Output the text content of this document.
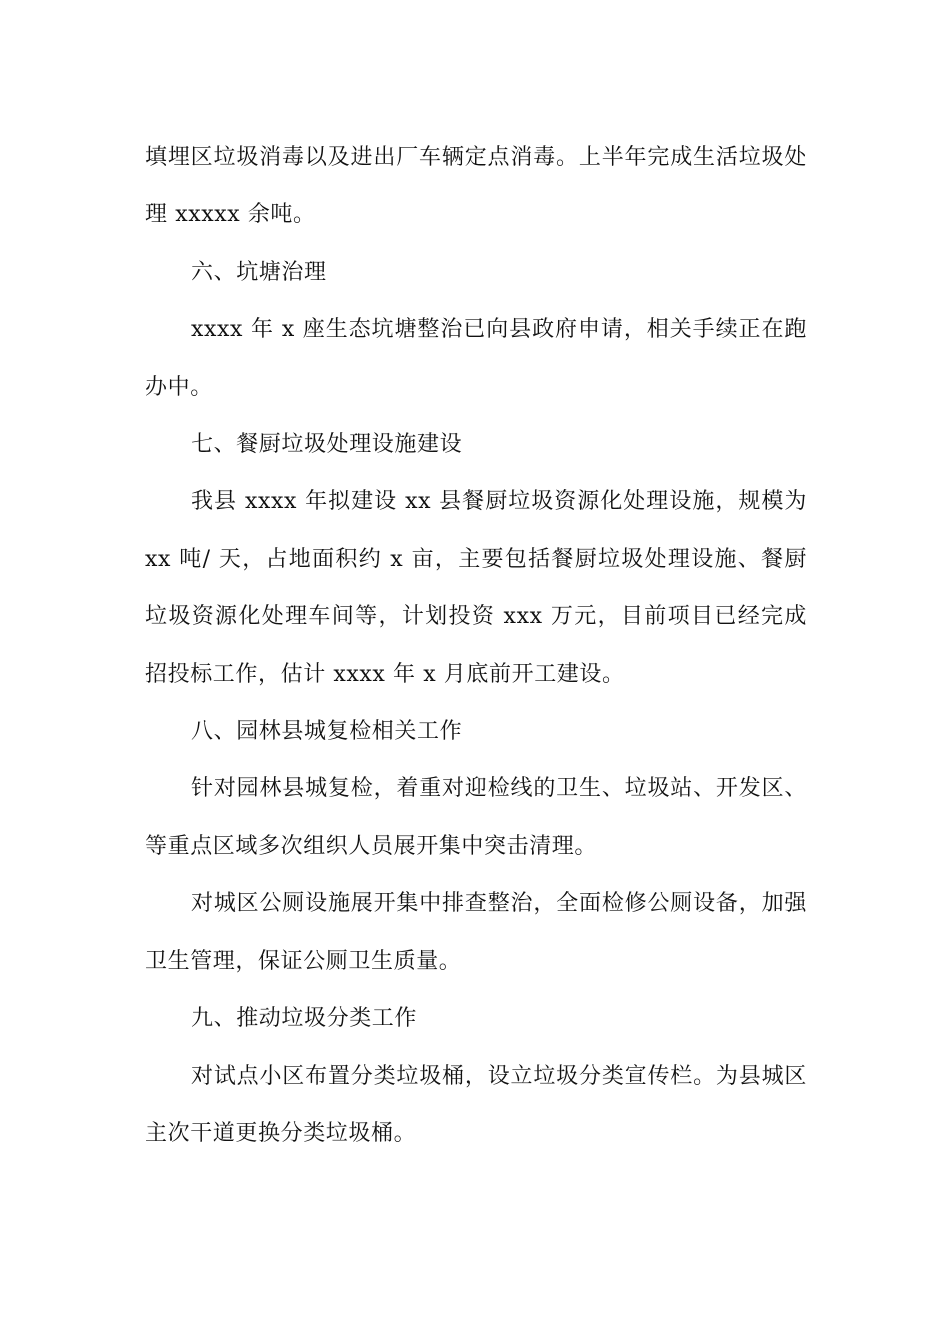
填埋区垃圾消毒以及进出厂车辆定点消毒。上半年完成生活垃圾处理 xxxxx 余吨。

六、坑塘治理

xxxx 年 x 座生态坑塘整治已向县政府申请，相关手续正在跑办中。

七、餐厨垃圾处理设施建设

我县 xxxx 年拟建设 xx 县餐厨垃圾资源化处理设施，规模为 xx 吨/ 天，占地面积约 x 亩，主要包括餐厨垃圾处理设施、餐厨垃圾资源化处理车间等，计划投资 xxx 万元，目前项目已经完成招投标工作，估计 xxxx 年 x 月底前开工建设。

八、园林县城复检相关工作

针对园林县城复检，着重对迎检线的卫生、垃圾站、开发区、等重点区域多次组织人员展开集中突击清理。

对城区公厕设施展开集中排查整治，全面检修公厕设备，加强卫生管理，保证公厕卫生质量。

九、推动垃圾分类工作

对试点小区布置分类垃圾桶，设立垃圾分类宣传栏。为县城区主次干道更换分类垃圾桶。
